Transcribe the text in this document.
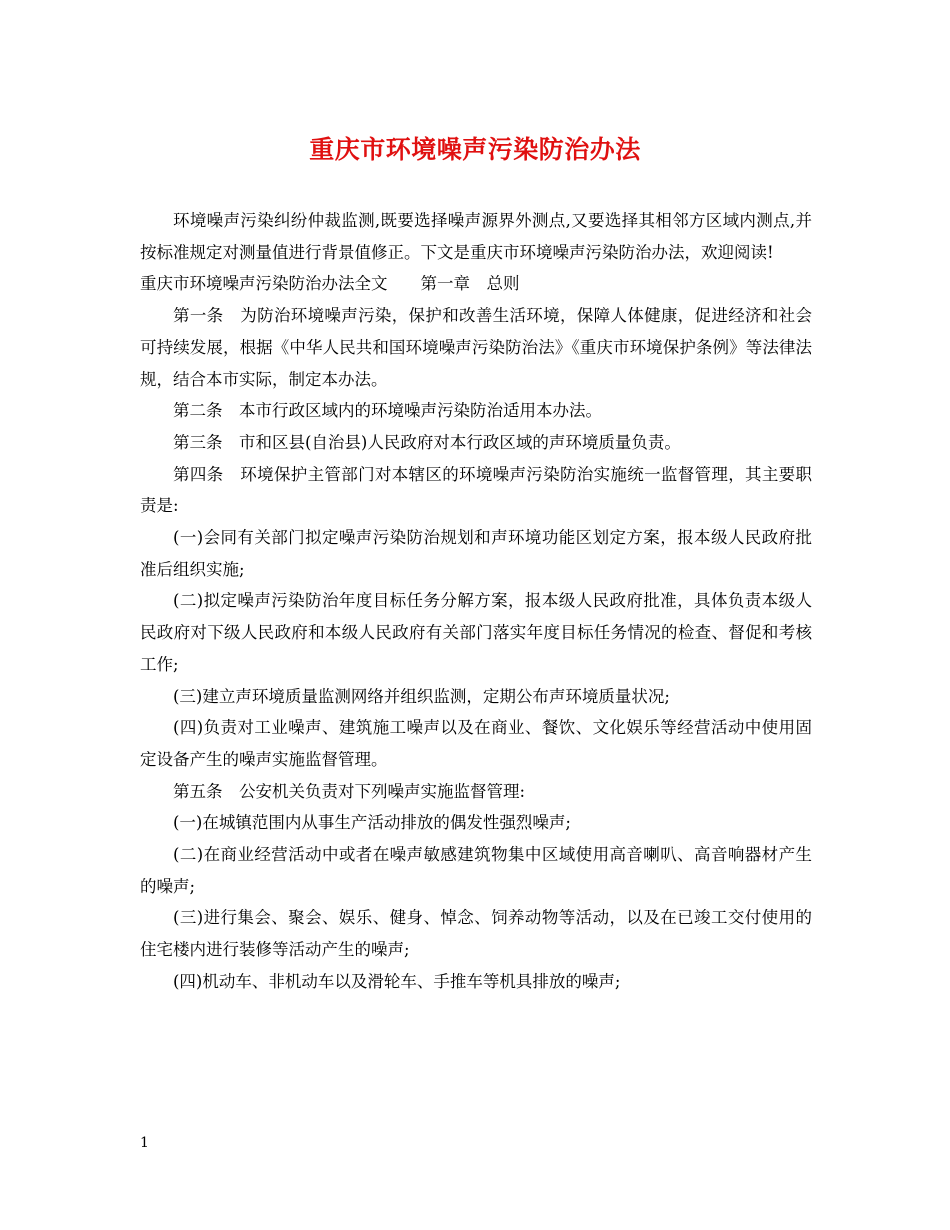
重庆市环境噪声污染防治办法

环境噪声污染纠纷仲裁监测,既要选择噪声源界外测点,又要选择其相邻方区域内测点,并按标准规定对测量值进行背景值修正。下文是重庆市环境噪声污染防治办法，欢迎阅读!

重庆市环境噪声污染防治办法全文　　第一章　总则

第一条　为防治环境噪声污染，保护和改善生活环境，保障人体健康，促进经济和社会可持续发展，根据《中华人民共和国环境噪声污染防治法》《重庆市环境保护条例》等法律法规，结合本市实际，制定本办法。

第二条　本市行政区域内的环境噪声污染防治适用本办法。

第三条　市和区县(自治县)人民政府对本行政区域的声环境质量负责。

第四条　环境保护主管部门对本辖区的环境噪声污染防治实施统一监督管理，其主要职责是:

(一)会同有关部门拟定噪声污染防治规划和声环境功能区划定方案，报本级人民政府批准后组织实施;

(二)拟定噪声污染防治年度目标任务分解方案，报本级人民政府批准，具体负责本级人民政府对下级人民政府和本级人民政府有关部门落实年度目标任务情况的检查、督促和考核工作;

(三)建立声环境质量监测网络并组织监测，定期公布声环境质量状况;

(四)负责对工业噪声、建筑施工噪声以及在商业、餐饮、文化娱乐等经营活动中使用固定设备产生的噪声实施监督管理。

第五条　公安机关负责对下列噪声实施监督管理:

(一)在城镇范围内从事生产活动排放的偶发性强烈噪声;

(二)在商业经营活动中或者在噪声敏感建筑物集中区域使用高音喇叭、高音响器材产生的噪声;

(三)进行集会、聚会、娱乐、健身、悼念、饲养动物等活动，以及在已竣工交付使用的住宅楼内进行装修等活动产生的噪声;

(四)机动车、非机动车以及滑轮车、手推车等机具排放的噪声;

1
